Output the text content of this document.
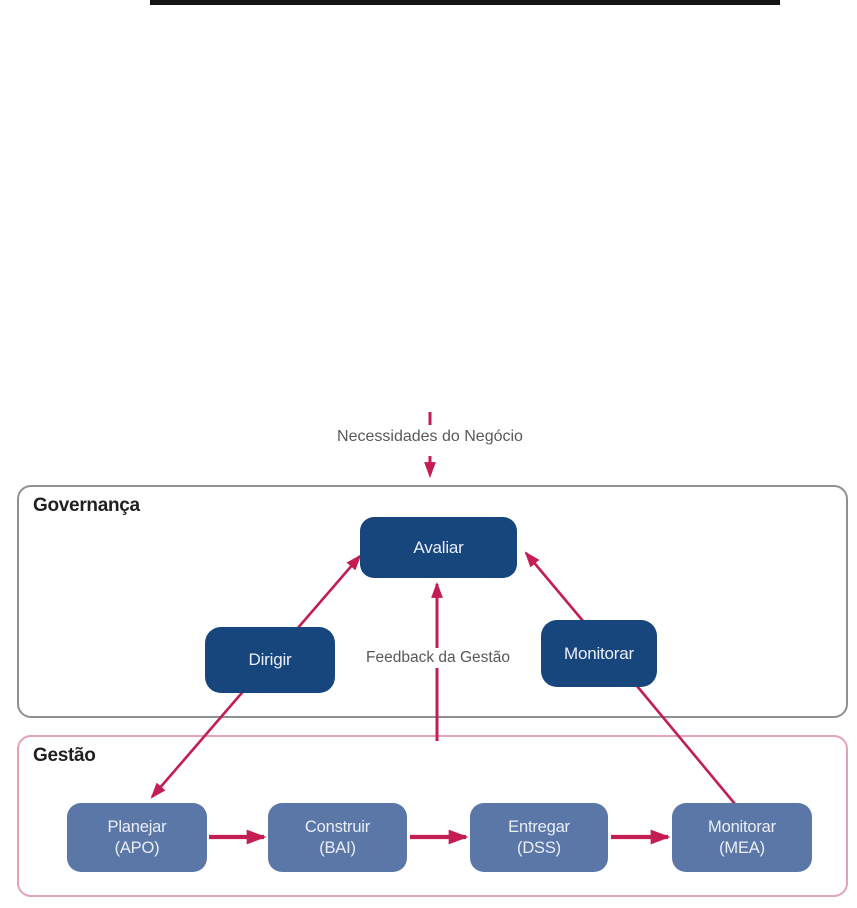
Governança
Gestão
Avaliar
Dirigir	Monitorar
Planejar
(APO)
Construir
(BAI)
Entregar
(DSS)
Monitorar
(MEA)
Necessidades do Negócio
Feedback da Gestão
